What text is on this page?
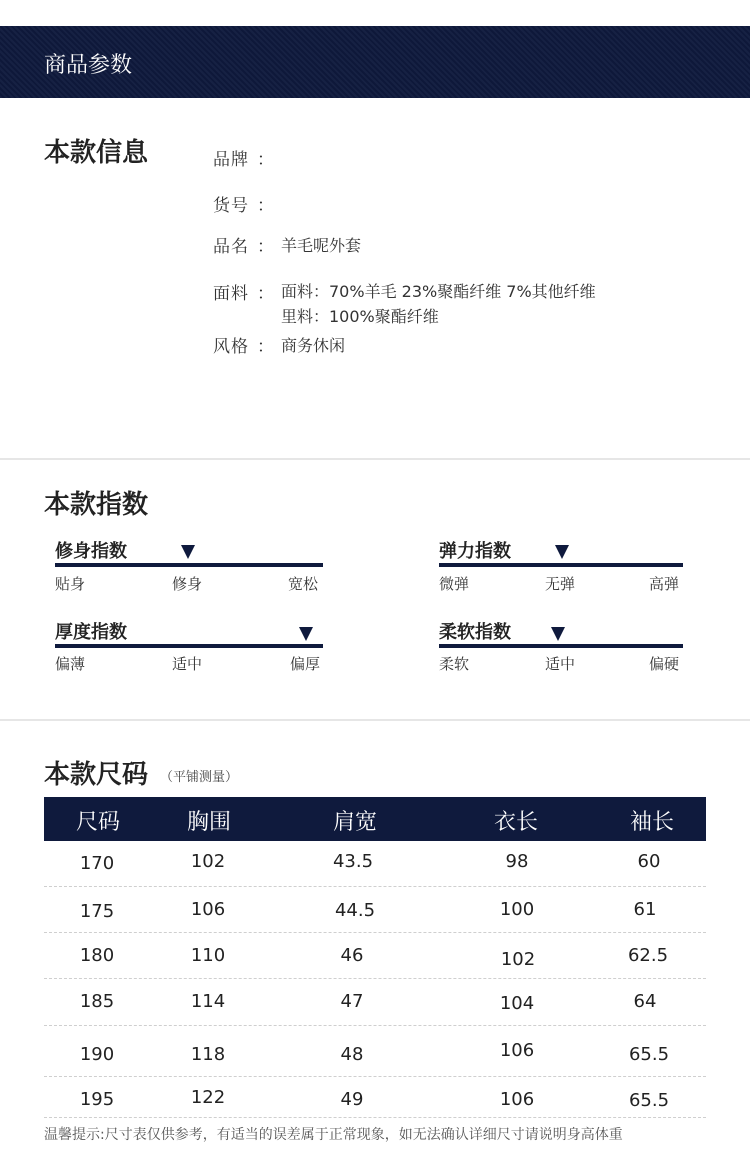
商品参数
本款信息	品牌 ：
货号 ：
品名 ： 羊毛呢外套
面料 ： 面料：70%羊毛 23%聚酯纤维 7%其他纤维
里料：100%聚酯纤维
风格 ： 商务休闲
本款指数
修身指数
贴身	修身	宽松
弹力指数
微弹	无弹	高弹
厚度指数
偏薄	适中	偏厚
柔软指数
柔软	适中	偏硬
本款尺码 （平铺测量）
尺码	胸围	肩宽	衣长	袖长
170	102	43.5	98	60
175	106	44.5	100	61
180	110	46	102	62.5
185	114	47	104	64
190	118	48	106	65.5
195	122	49	106	65.5
温馨提示:尺寸表仅供参考，有适当的误差属于正常现象，如无法确认详细尺寸请说明身高体重
